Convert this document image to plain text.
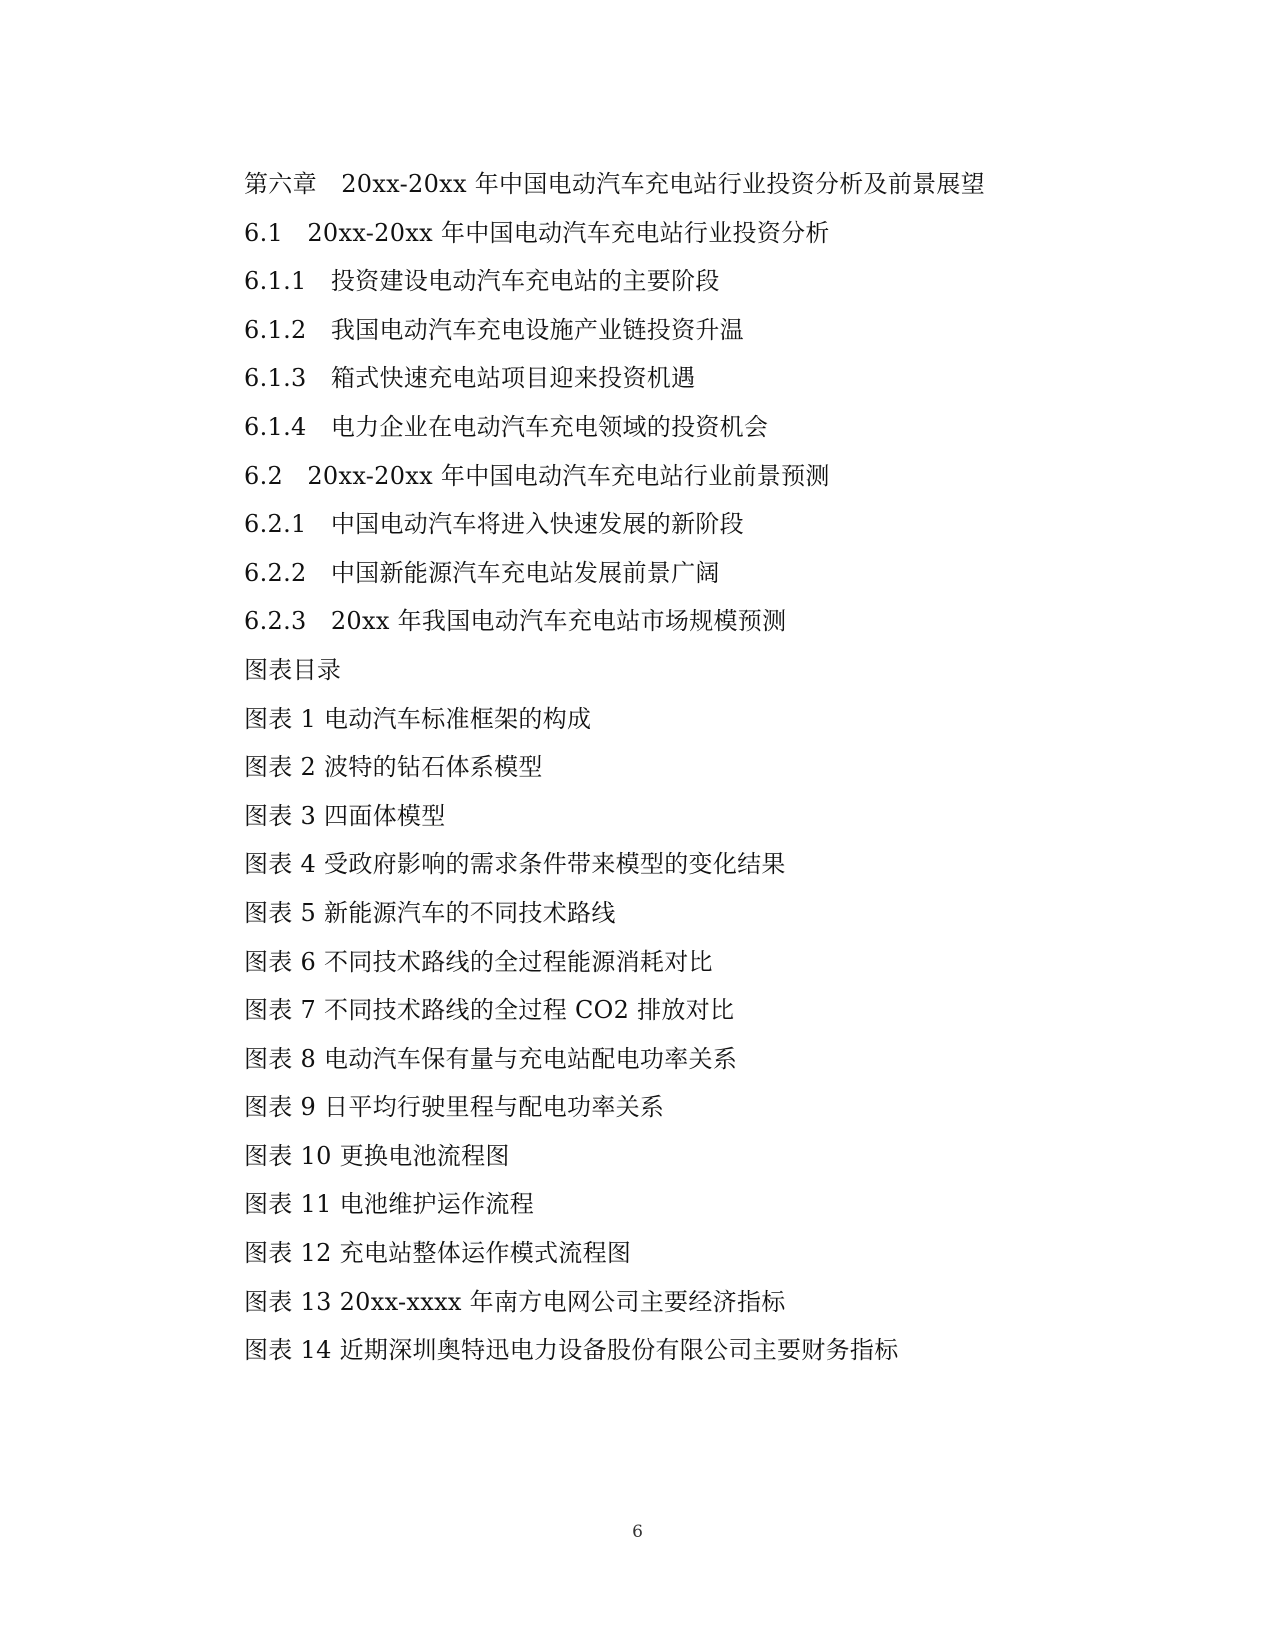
第六章　20xx-20xx 年中国电动汽车充电站行业投资分析及前景展望
6.1　20xx-20xx 年中国电动汽车充电站行业投资分析
6.1.1　投资建设电动汽车充电站的主要阶段
6.1.2　我国电动汽车充电设施产业链投资升温
6.1.3　箱式快速充电站项目迎来投资机遇
6.1.4　电力企业在电动汽车充电领域的投资机会
6.2　20xx-20xx 年中国电动汽车充电站行业前景预测
6.2.1　中国电动汽车将进入快速发展的新阶段
6.2.2　中国新能源汽车充电站发展前景广阔
6.2.3　20xx 年我国电动汽车充电站市场规模预测
图表目录
图表 1 电动汽车标准框架的构成
图表 2 波特的钻石体系模型
图表 3 四面体模型
图表 4 受政府影响的需求条件带来模型的变化结果
图表 5 新能源汽车的不同技术路线
图表 6 不同技术路线的全过程能源消耗对比
图表 7 不同技术路线的全过程 CO2 排放对比
图表 8 电动汽车保有量与充电站配电功率关系
图表 9 日平均行驶里程与配电功率关系
图表 10 更换电池流程图
图表 11 电池维护运作流程
图表 12 充电站整体运作模式流程图
图表 13 20xx-xxxx 年南方电网公司主要经济指标
图表 14 近期深圳奥特迅电力设备股份有限公司主要财务指标
6
